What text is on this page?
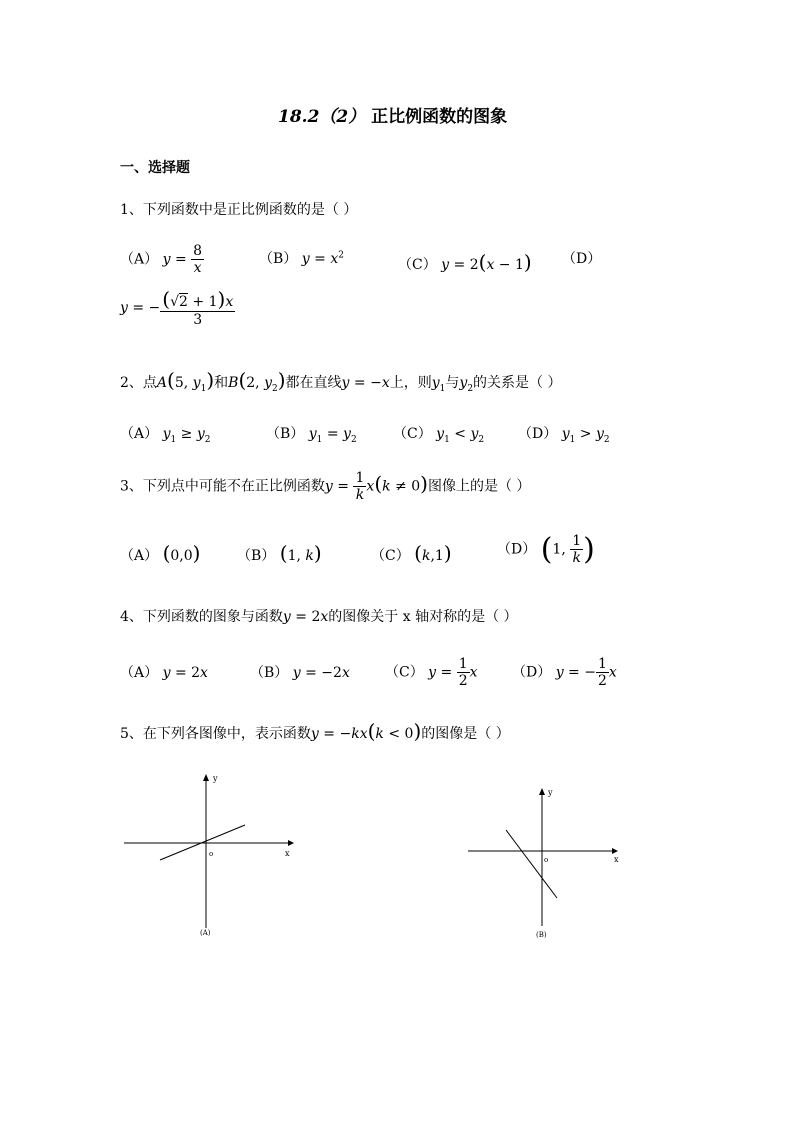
18.2（2） 正比例函数的图象
一、选择题
1、下列函数中是正比例函数的是（ ）
（A） $y = \frac{8}{x}$	（B） $y = x^2$
（C） y = 2(x − 1) （D）
y = − $\frac{(√2 + 1)x}{3}$
2、点A(5, $y_1$)和B(2, $y_2$)都在直线y = −x上，则$y_1$与$y_2$的关系是（ ）
（A） $y_1 \ge y_2$	（B） $y_1 = y_2$	（C） $y_1 < y_2$ （D） $y_1 > y_2$
3、下列点中可能不在正比例函数$y = \frac{1}{k} x(k \ne 0)$图像上的是（ ）
（A） (0,0)	（B） (1, k)	（C） (k,1)	（D） (1, $\frac{1}{k}$ )
4、下列函数的图象与函数y = 2x的图像关于 x 轴对称的是（ ）
（A） y = 2x	（B） y = −2x	（C） $y = \frac{1}{2}$ x （D） y = − $\frac{1}{2}$ x
5、在下列各图像中，表示函数y = −kx(k < 0)的图像是（ ）
x
y
o
(A)
x
y
o
(B)
